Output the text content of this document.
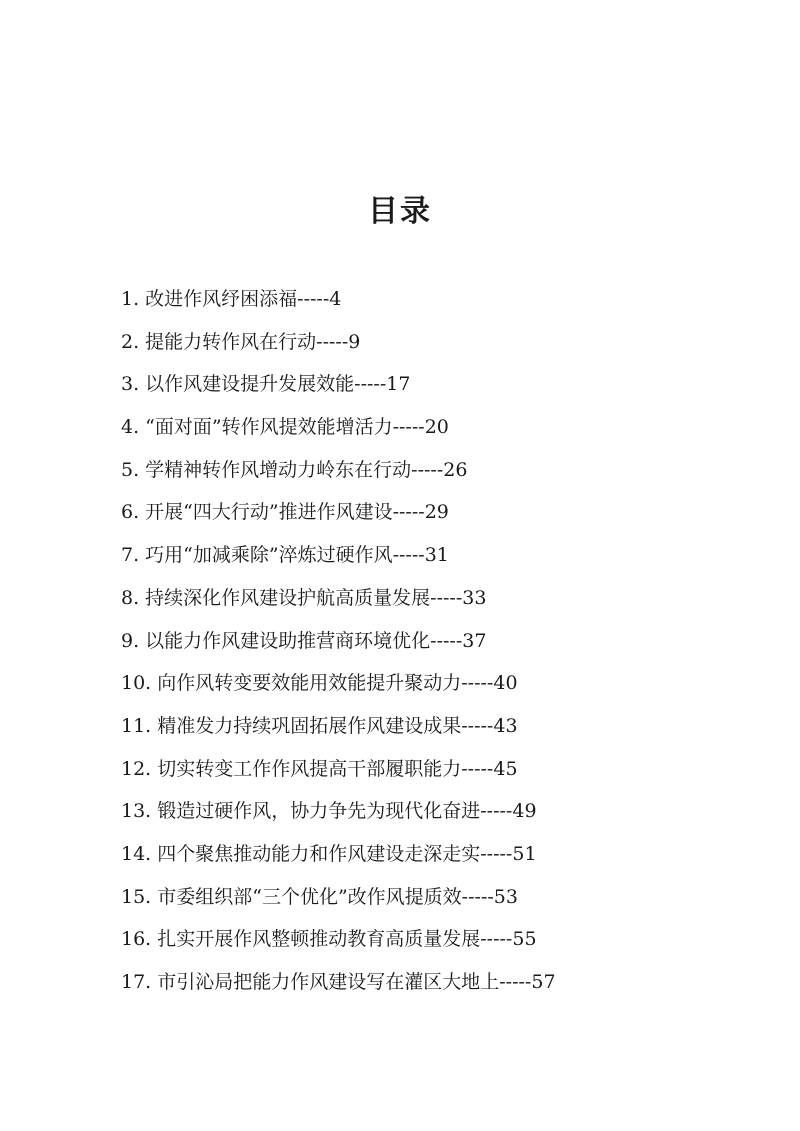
目录
1. 改进作风纾困添福-----4
2. 提能力转作风在行动-----9
3. 以作风建设提升发展效能-----17
4. “面对面”转作风提效能增活力-----20
5. 学精神转作风增动力岭东在行动-----26
6. 开展“四大行动”推进作风建设-----29
7. 巧用“加减乘除”淬炼过硬作风-----31
8. 持续深化作风建设护航高质量发展-----33
9. 以能力作风建设助推营商环境优化-----37
10. 向作风转变要效能用效能提升聚动力-----40
11. 精准发力持续巩固拓展作风建设成果-----43
12. 切实转变工作作风提高干部履职能力-----45
13. 锻造过硬作风，协力争先为现代化奋进-----49
14. 四个聚焦推动能力和作风建设走深走实-----51
15. 市委组织部“三个优化”改作风提质效-----53
16. 扎实开展作风整顿推动教育高质量发展-----55
17. 市引沁局把能力作风建设写在灌区大地上-----57
